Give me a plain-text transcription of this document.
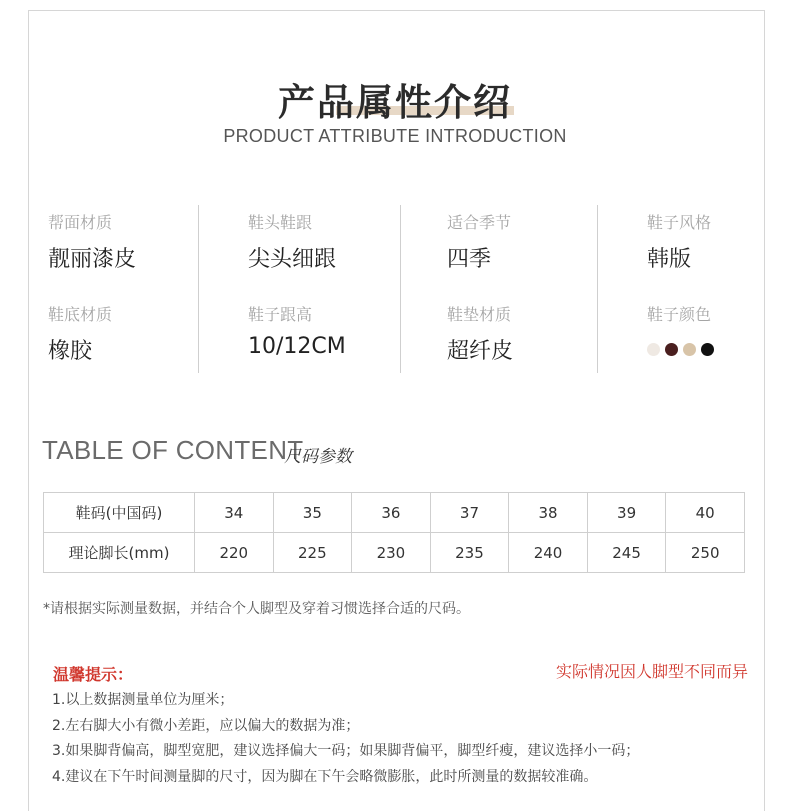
产品属性介绍
PRODUCT ATTRIBUTE INTRODUCTION
帮面材质
靓丽漆皮
鞋底材质
橡胶
鞋头鞋跟
尖头细跟
鞋子跟高
10/12CM
适合季节
四季
鞋垫材质
超纤皮
鞋子风格
韩版
鞋子颜色
TABLE OF CONTENT
尺码参数
鞋码(中国码)	34	35	36	37	38	39	40
理论脚长(mm)	220	225	230	235	240	245	250
*请根据实际测量数据，并结合个人脚型及穿着习惯选择合适的尺码。
温馨提示：	实际情况因人脚型不同而异
1.以上数据测量单位为厘米；
2.左右脚大小有微小差距，应以偏大的数据为准；
3.如果脚背偏高，脚型宽肥，建议选择偏大一码；如果脚背偏平，脚型纤瘦，建议选择小一码；
4.建议在下午时间测量脚的尺寸，因为脚在下午会略微膨胀，此时所测量的数据较准确。
